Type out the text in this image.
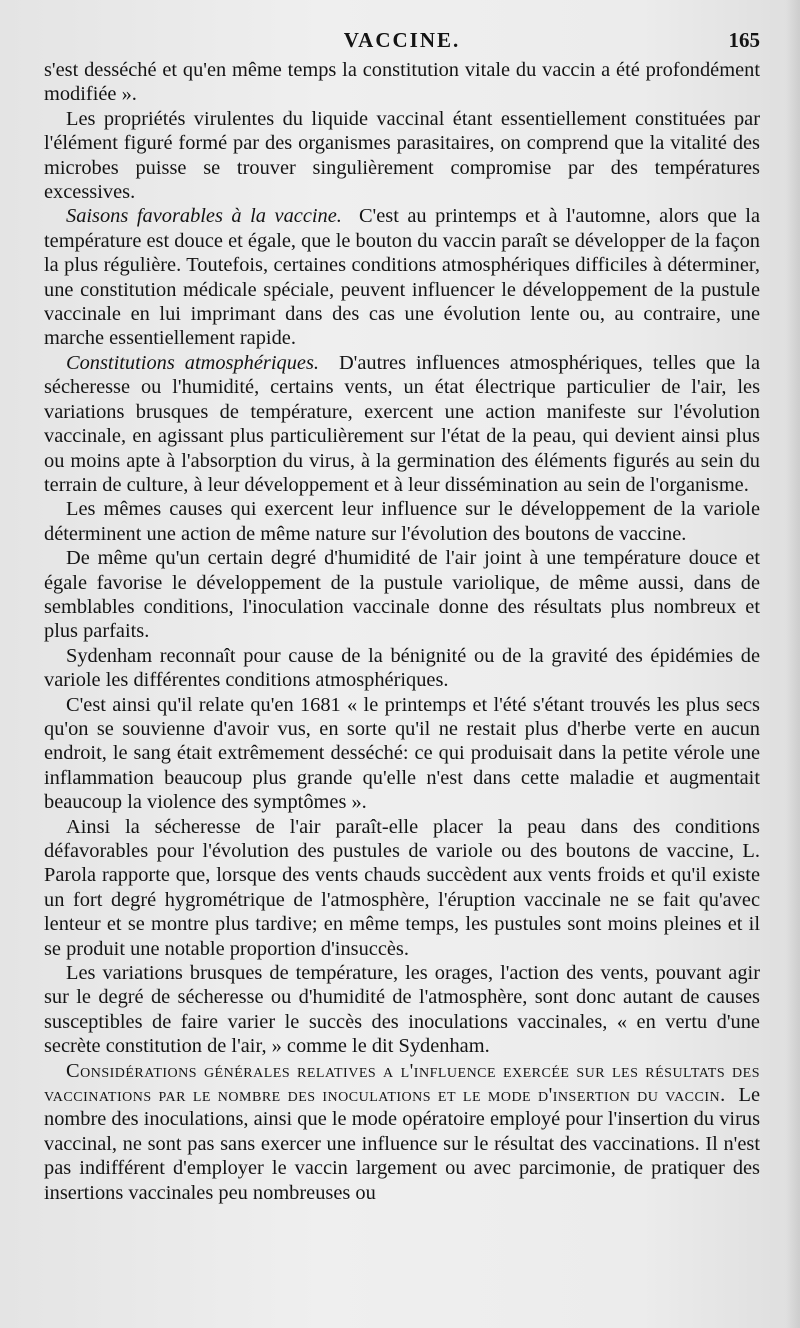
VACCINE.	165

s'est desséché et qu'en même temps la constitution vitale du vaccin a été profondément modifiée ».

Les propriétés virulentes du liquide vaccinal étant essentiellement constituées par l'élément figuré formé par des organismes parasitaires, on comprend que la vitalité des microbes puisse se trouver singulièrement compromise par des températures excessives.

Saisons favorables à la vaccine. C'est au printemps et à l'automne, alors que la température est douce et égale, que le bouton du vaccin paraît se développer de la façon la plus régulière. Toutefois, certaines conditions atmosphériques difficiles à déterminer, une constitution médicale spéciale, peuvent influencer le développement de la pustule vaccinale en lui imprimant dans des cas une évolution lente ou, au contraire, une marche essentiellement rapide.

Constitutions atmosphériques. D'autres influences atmosphériques, telles que la sécheresse ou l'humidité, certains vents, un état électrique particulier de l'air, les variations brusques de température, exercent une action manifeste sur l'évolution vaccinale, en agissant plus particulièrement sur l'état de la peau, qui devient ainsi plus ou moins apte à l'absorption du virus, à la germination des éléments figurés au sein du terrain de culture, à leur développement et à leur dissémination au sein de l'organisme.

Les mêmes causes qui exercent leur influence sur le développement de la variole déterminent une action de même nature sur l'évolution des boutons de vaccine.

De même qu'un certain degré d'humidité de l'air joint à une température douce et égale favorise le développement de la pustule variolique, de même aussi, dans de semblables conditions, l'inoculation vaccinale donne des résultats plus nombreux et plus parfaits.

Sydenham reconnaît pour cause de la bénignité ou de la gravité des épidémies de variole les différentes conditions atmosphériques.

C'est ainsi qu'il relate qu'en 1681 « le printemps et l'été s'étant trouvés les plus secs qu'on se souvienne d'avoir vus, en sorte qu'il ne restait plus d'herbe verte en aucun endroit, le sang était extrêmement desséché: ce qui produisait dans la petite vérole une inflammation beaucoup plus grande qu'elle n'est dans cette maladie et augmentait beaucoup la violence des symptômes ».

Ainsi la sécheresse de l'air paraît-elle placer la peau dans des conditions défavorables pour l'évolution des pustules de variole ou des boutons de vaccine, L. Parola rapporte que, lorsque des vents chauds succèdent aux vents froids et qu'il existe un fort degré hygrométrique de l'atmosphère, l'éruption vaccinale ne se fait qu'avec lenteur et se montre plus tardive; en même temps, les pustules sont moins pleines et il se produit une notable proportion d'insuccès.

Les variations brusques de température, les orages, l'action des vents, pouvant agir sur le degré de sécheresse ou d'humidité de l'atmosphère, sont donc autant de causes susceptibles de faire varier le succès des inoculations vaccinales, « en vertu d'une secrète constitution de l'air, » comme le dit Sydenham.

Considérations générales relatives a l'influence exercée sur les résultats des vaccinations par le nombre des inoculations et le mode d'insertion du vaccin. Le nombre des inoculations, ainsi que le mode opératoire employé pour l'insertion du virus vaccinal, ne sont pas sans exercer une influence sur le résultat des vaccinations. Il n'est pas indifférent d'employer le vaccin largement ou avec parcimonie, de pratiquer des insertions vaccinales peu nombreuses ou
